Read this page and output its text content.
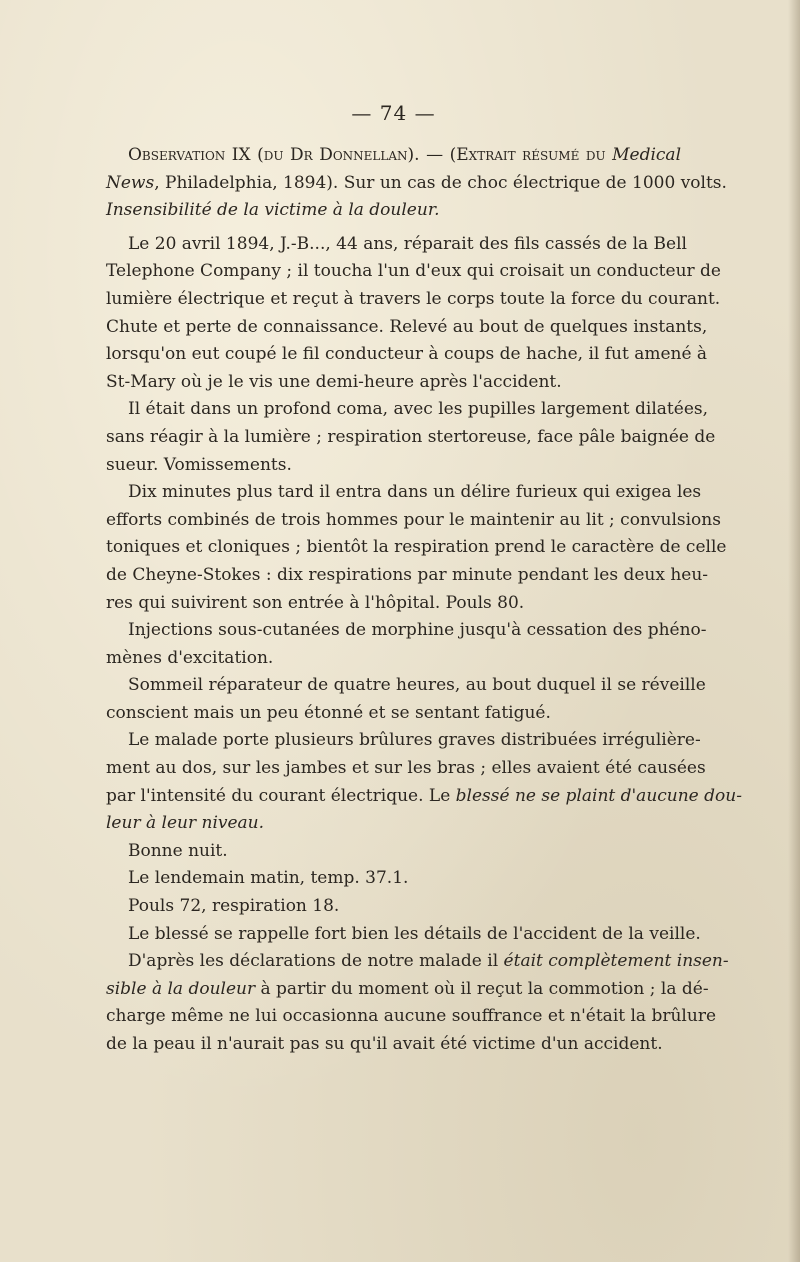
— 74 —
Observation IX (du Dr Donnellan). — (Extrait résumé du Medical
News, Philadelphia, 1894). Sur un cas de choc électrique de 1000 volts.
Insensibilité de la victime à la douleur.
Le 20 avril 1894, J.-B..., 44 ans, réparait des fils cassés de la Bell
Telephone Company ; il toucha l'un d'eux qui croisait un conducteur de
lumière électrique et reçut à travers le corps toute la force du courant.
Chute et perte de connaissance. Relevé au bout de quelques instants,
lorsqu'on eut coupé le fil conducteur à coups de hache, il fut amené à
St-Mary où je le vis une demi-heure après l'accident.
Il était dans un profond coma, avec les pupilles largement dilatées,
sans réagir à la lumière ; respiration stertoreuse, face pâle baignée de
sueur. Vomissements.
Dix minutes plus tard il entra dans un délire furieux qui exigea les
efforts combinés de trois hommes pour le maintenir au lit ; convulsions
toniques et cloniques ; bientôt la respiration prend le caractère de celle
de Cheyne-Stokes : dix respirations par minute pendant les deux heu-
res qui suivirent son entrée à l'hôpital. Pouls 80.
Injections sous-cutanées de morphine jusqu'à cessation des phéno-
mènes d'excitation.
Sommeil réparateur de quatre heures, au bout duquel il se réveille
conscient mais un peu étonné et se sentant fatigué.
Le malade porte plusieurs brûlures graves distribuées irrégulière-
ment au dos, sur les jambes et sur les bras ; elles avaient été causées
par l'intensité du courant électrique. Le blessé ne se plaint d'aucune dou-
leur à leur niveau.
Bonne nuit.
Le lendemain matin, temp. 37.1.
Pouls 72, respiration 18.
Le blessé se rappelle fort bien les détails de l'accident de la veille.
D'après les déclarations de notre malade il était complètement insen-
sible à la douleur à partir du moment où il reçut la commotion ; la dé-
charge même ne lui occasionna aucune souffrance et n'était la brûlure
de la peau il n'aurait pas su qu'il avait été victime d'un accident.
